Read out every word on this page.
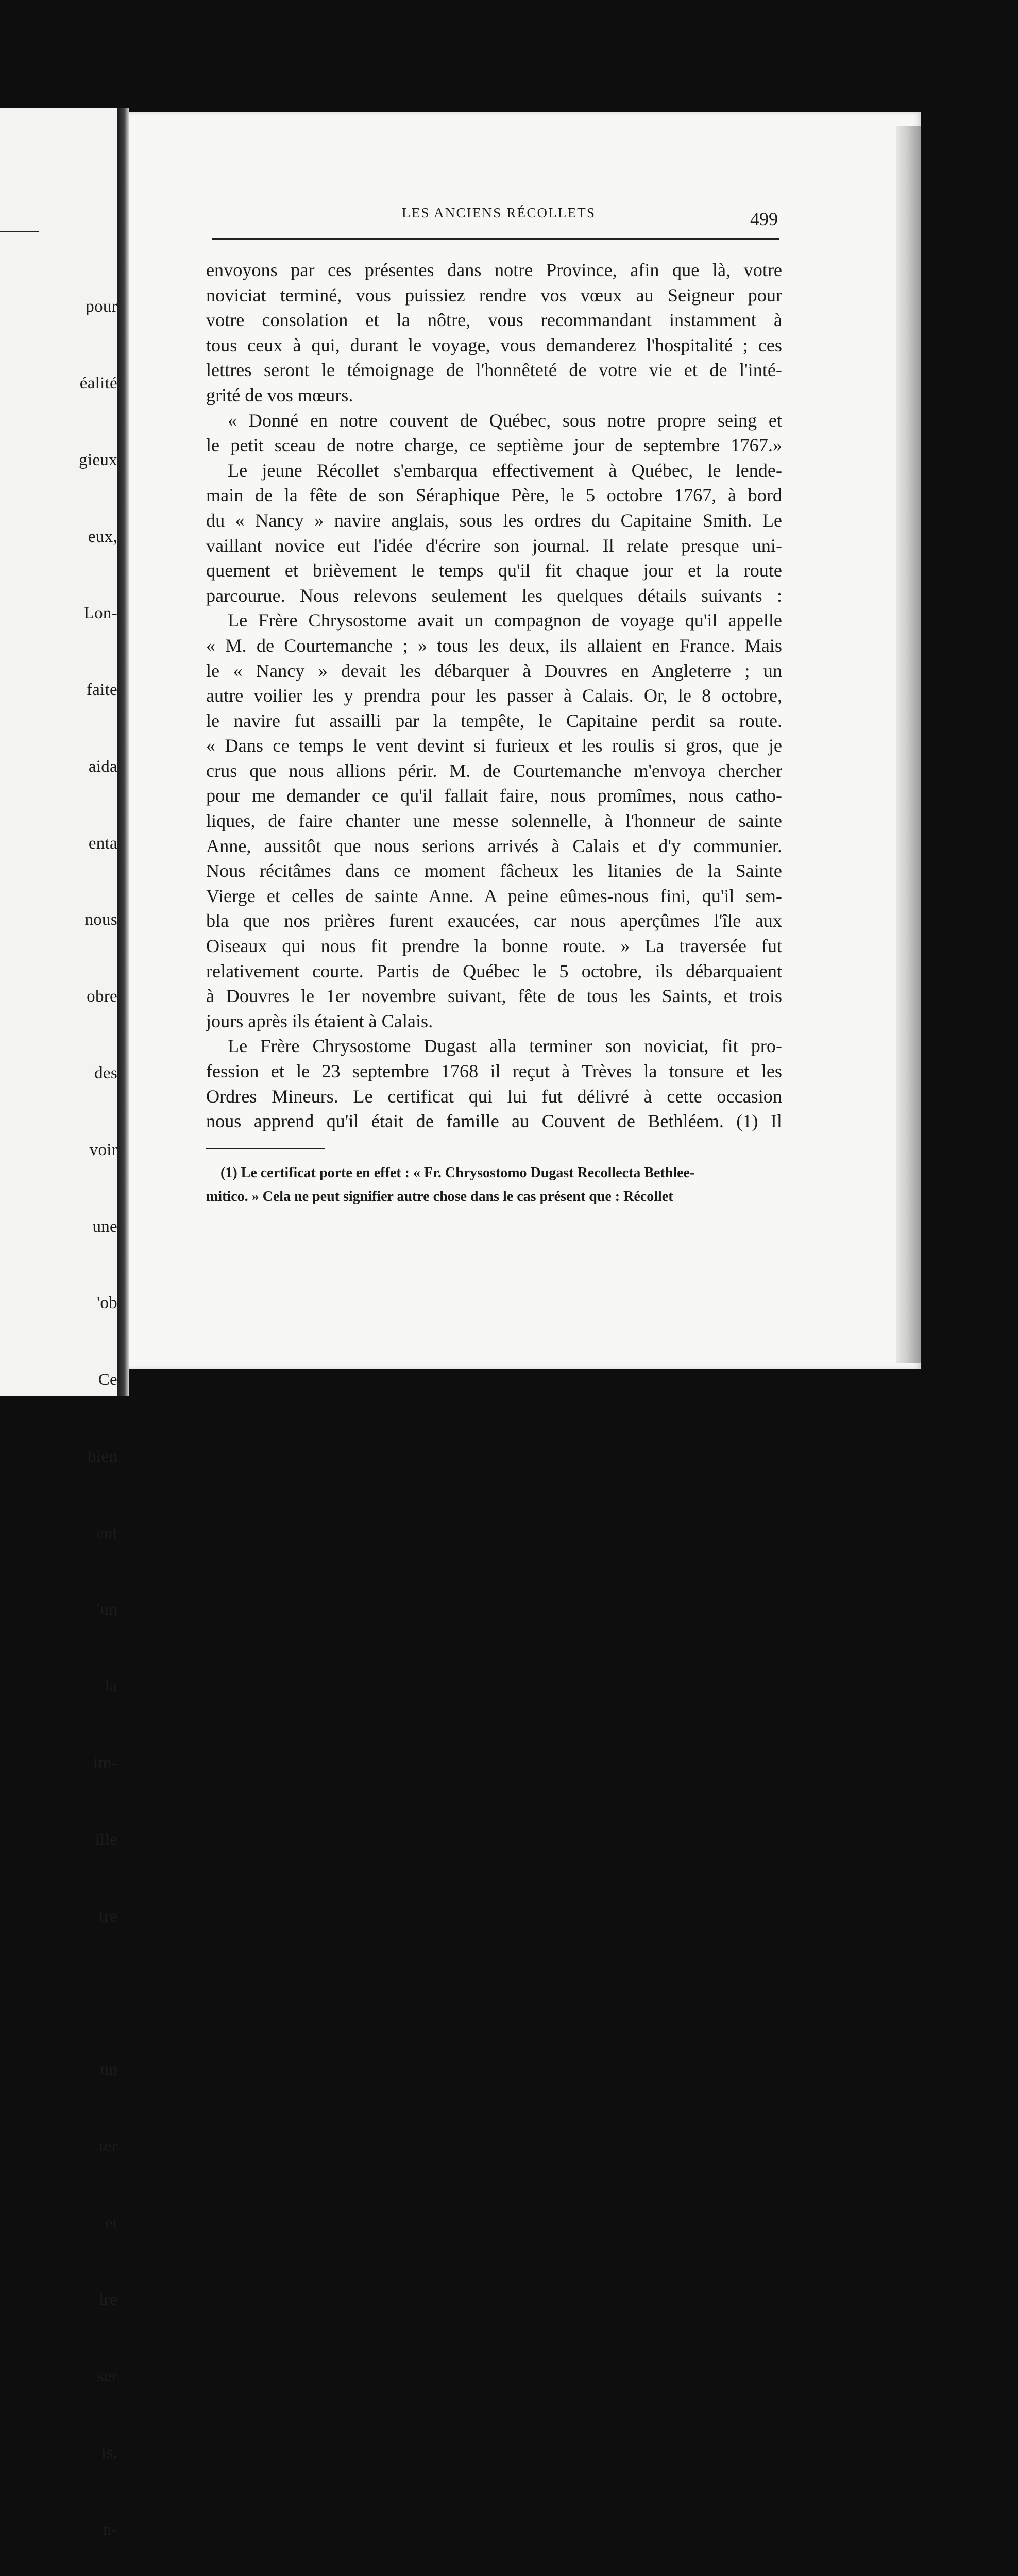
pour

éalité

gieux

eux,

Lon-

faite

aida

enta

nous

obre

des

voir

une

'ob

Ce

bien

ent

'un

la

im-

ille

tre

un

ter

et

ire

ser

is.

n-

LES ANCIENS RÉCOLLETS	499
envoyons par ces présentes dans notre Province, afin que là, votre
noviciat terminé, vous puissiez rendre vos vœux au Seigneur pour
votre consolation et la nôtre, vous recommandant instamment à
tous ceux à qui, durant le voyage, vous demanderez l'hospitalité ; ces
lettres seront le témoignage de l'honnêteté de votre vie et de l'inté-
grité de vos mœurs.
« Donné en notre couvent de Québec, sous notre propre seing et
le petit sceau de notre charge, ce septième jour de septembre 1767.»
Le jeune Récollet s'embarqua effectivement à Québec, le lende-
main de la fête de son Séraphique Père, le 5 octobre 1767, à bord
du « Nancy » navire anglais, sous les ordres du Capitaine Smith. Le
vaillant novice eut l'idée d'écrire son journal. Il relate presque uni-
quement et brièvement le temps qu'il fit chaque jour et la route
parcourue. Nous relevons seulement les quelques détails suivants :
Le Frère Chrysostome avait un compagnon de voyage qu'il appelle
« M. de Courtemanche ; » tous les deux, ils allaient en France. Mais
le « Nancy » devait les débarquer à Douvres en Angleterre ; un
autre voilier les y prendra pour les passer à Calais. Or, le 8 octobre,
le navire fut assailli par la tempête, le Capitaine perdit sa route.
« Dans ce temps le vent devint si furieux et les roulis si gros, que je
crus que nous allions périr. M. de Courtemanche m'envoya chercher
pour me demander ce qu'il fallait faire, nous promîmes, nous catho-
liques, de faire chanter une messe solennelle, à l'honneur de sainte
Anne, aussitôt que nous serions arrivés à Calais et d'y communier.
Nous récitâmes dans ce moment fâcheux les litanies de la Sainte
Vierge et celles de sainte Anne. A peine eûmes-nous fini, qu'il sem-
bla que nos prières furent exaucées, car nous aperçûmes l'île aux
Oiseaux qui nous fit prendre la bonne route. » La traversée fut
relativement courte. Partis de Québec le 5 octobre, ils débarquaient
à Douvres le 1er novembre suivant, fête de tous les Saints, et trois
jours après ils étaient à Calais.
Le Frère Chrysostome Dugast alla terminer son noviciat, fit pro-
fession et le 23 septembre 1768 il reçut à Trèves la tonsure et les
Ordres Mineurs. Le certificat qui lui fut délivré à cette occasion
nous apprend qu'il était de famille au Couvent de Bethléem. (1) Il
(1) Le certificat porte en effet : « Fr. Chrysostomo Dugast Recollecta Bethlee-
mitico. » Cela ne peut signifier autre chose dans le cas présent que : Récollet
